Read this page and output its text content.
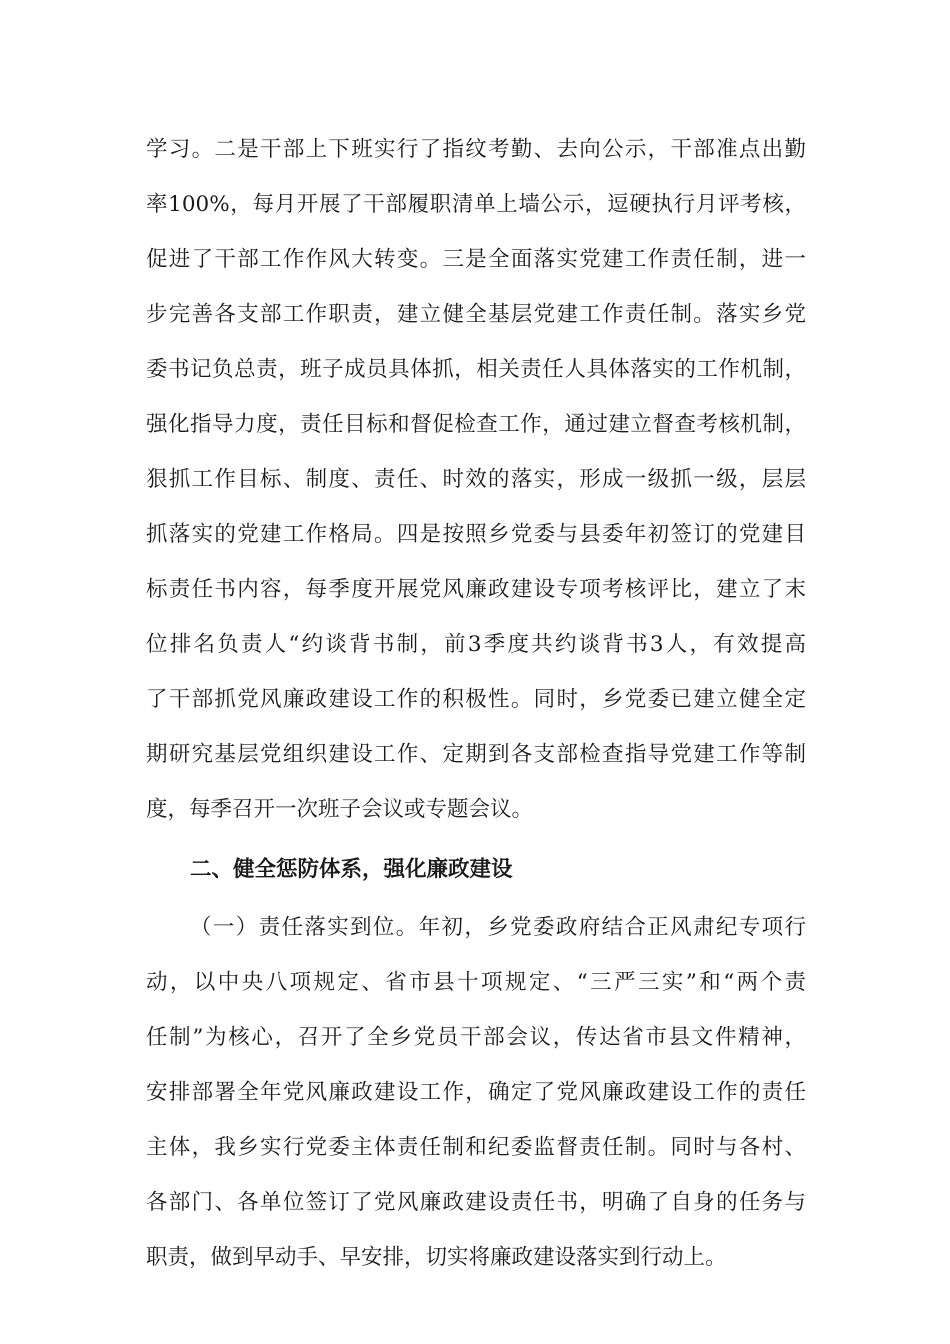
学习。二是干部上下班实行了指纹考勤、去向公示，干部准点出勤
率100%，每月开展了干部履职清单上墙公示，逗硬执行月评考核，
促进了干部工作作风大转变。三是全面落实党建工作责任制，进一
步完善各支部工作职责，建立健全基层党建工作责任制。落实乡党
委书记负总责，班子成员具体抓，相关责任人具体落实的工作机制，
强化指导力度，责任目标和督促检查工作，通过建立督查考核机制，
狠抓工作目标、制度、责任、时效的落实，形成一级抓一级，层层
抓落实的党建工作格局。四是按照乡党委与县委年初签订的党建目
标责任书内容，每季度开展党风廉政建设专项考核评比，建立了末
位排名负责人“约谈背书制，前3季度共约谈背书3人，有效提高
了干部抓党风廉政建设工作的积极性。同时，乡党委已建立健全定
期研究基层党组织建设工作、定期到各支部检查指导党建工作等制
度，每季召开一次班子会议或专题会议。
二、健全惩防体系，强化廉政建设
（一）责任落实到位。年初，乡党委政府结合正风肃纪专项行
动，以中央八项规定、省市县十项规定、“三严三实”和“两个责
任制”为核心，召开了全乡党员干部会议，传达省市县文件精神，
安排部署全年党风廉政建设工作，确定了党风廉政建设工作的责任
主体，我乡实行党委主体责任制和纪委监督责任制。同时与各村、
各部门、各单位签订了党风廉政建设责任书，明确了自身的任务与
职责，做到早动手、早安排，切实将廉政建设落实到行动上。
